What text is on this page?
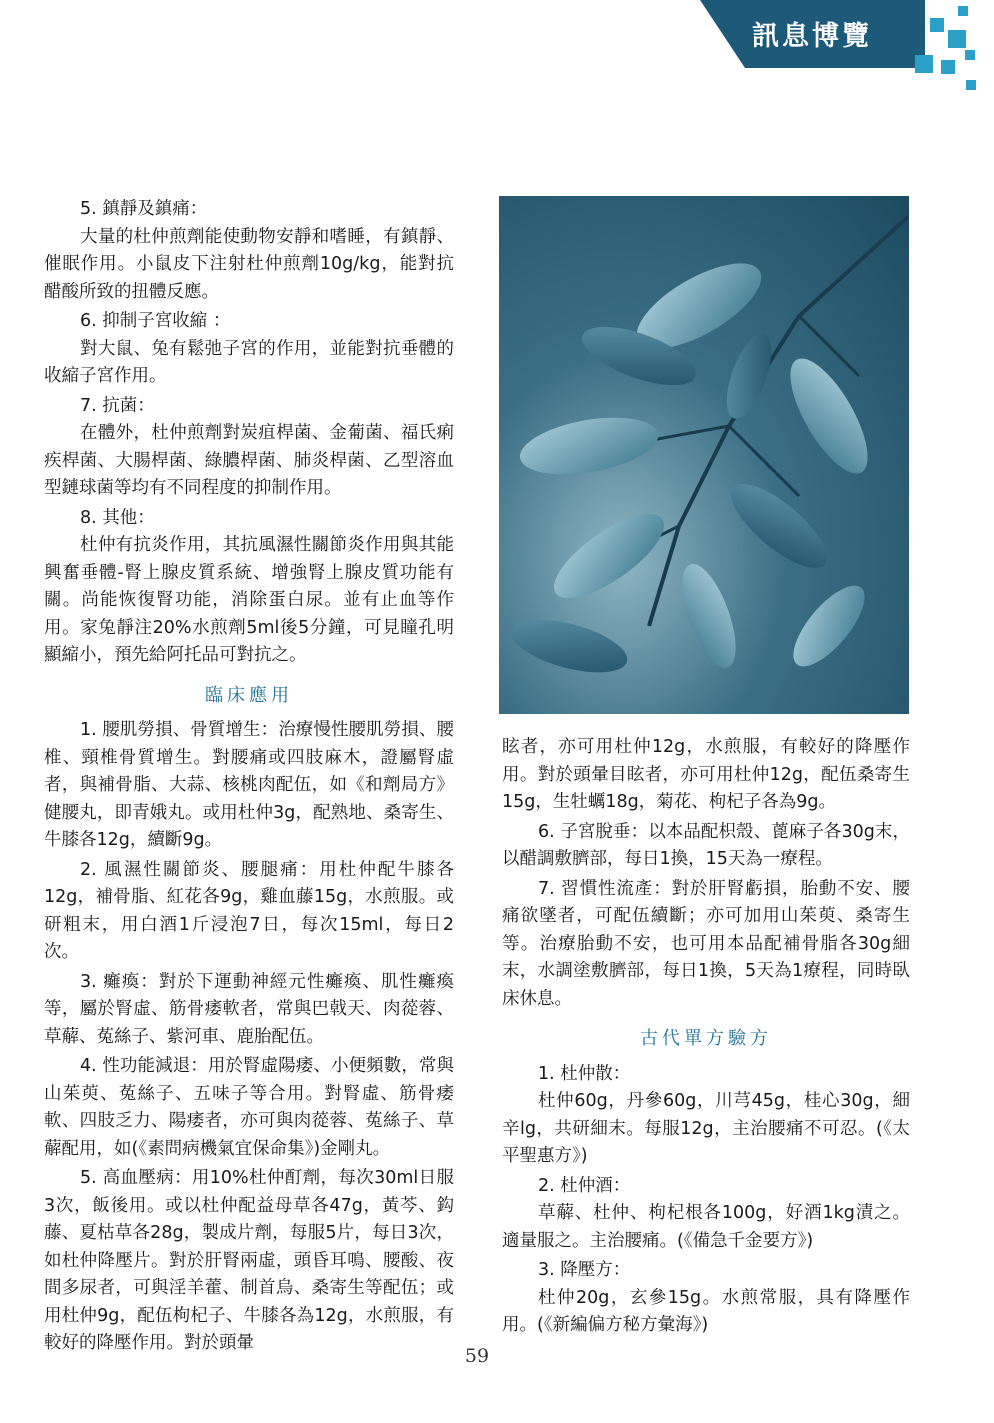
訊息博覽

5. 鎮靜及鎮痛：

大量的杜仲煎劑能使動物安靜和嗜睡，有鎮靜、催眠作用。小鼠皮下注射杜仲煎劑10g/kg，能對抗醋酸所致的扭體反應。

6. 抑制子宮收縮 ：

對大鼠、兔有鬆弛子宮的作用，並能對抗垂體的收縮子宮作用。

7. 抗菌：

在體外，杜仲煎劑對炭疽桿菌、金葡菌、福氏痢疾桿菌、大腸桿菌、綠膿桿菌、肺炎桿菌、乙型溶血型鏈球菌等均有不同程度的抑制作用。

8. 其他：

杜仲有抗炎作用，其抗風濕性關節炎作用與其能興奮垂體-腎上腺皮質系統、增強腎上腺皮質功能有關。尚能恢復腎功能，消除蛋白尿。並有止血等作用。家兔靜注20%水煎劑5ml後5分鐘，可見瞳孔明顯縮小，預先給阿托品可對抗之。

臨床應用

1. 腰肌勞損、骨質增生：治療慢性腰肌勞損、腰椎、頸椎骨質增生。對腰痛或四肢麻木，證屬腎虛者，與補骨脂、大蒜、核桃肉配伍，如《和劑局方》健腰丸，即青娥丸。或用杜仲3g，配熟地、桑寄生、牛膝各12g，續斷9g。

2. 風濕性關節炎、腰腿痛：用杜仲配牛膝各12g，補骨脂、紅花各9g，雞血藤15g，水煎服。或研粗末，用白酒1斤浸泡7日，每次15ml，每日2次。

3. 癱瘓：對於下運動神經元性癱瘓、肌性癱瘓等，屬於腎虛、筋骨痿軟者，常與巴戟天、肉蓯蓉、草薢、菟絲子、紫河車、鹿胎配伍。

4. 性功能減退：用於腎虛陽痿、小便頻數，常與山茱萸、菟絲子、五味子等合用。對腎虛、筋骨痿軟、四肢乏力、陽痿者，亦可與肉蓯蓉、菟絲子、草薢配用，如(《素問病機氣宜保命集》)金剛丸。

5. 高血壓病：用10%杜仲酊劑，每次30ml日服3次，飯後用。或以杜仲配益母草各47g，黃芩、鈎藤、夏枯草各28g，製成片劑，每服5片，每日3次，如杜仲降壓片。對於肝腎兩虛，頭昏耳鳴、腰酸、夜間多尿者，可與淫羊藿、制首烏、桑寄生等配伍；或用杜仲9g，配伍枸杞子、牛膝各為12g，水煎服，有較好的降壓作用。對於頭暈

眩者，亦可用杜仲12g，水煎服，有較好的降壓作用。對於頭暈目眩者，亦可用杜仲12g，配伍桑寄生15g，生牡蠣18g，菊花、枸杞子各為9g。

6. 子宮脫垂：以本品配枳殼、蓖麻子各30g末，以醋調敷臍部，每日1換，15天為一療程。

7. 習慣性流產：對於肝腎虧損，胎動不安、腰痛欲墜者，可配伍續斷；亦可加用山茱萸、桑寄生等。治療胎動不安，也可用本品配補骨脂各30g細末，水調塗敷臍部，每日1換，5天為1療程，同時臥床休息。

古代單方驗方

1. 杜仲散：

杜仲60g，丹參60g，川芎45g，桂心30g，細辛lg，共研細末。每服12g，主治腰痛不可忍。(《太平聖惠方》)

2. 杜仲酒：

草薢、杜仲、枸杞根各100g，好酒1kg漬之。適量服之。主治腰痛。(《備急千金要方》)

3. 降壓方：

杜仲20g，玄參15g。水煎常服，具有降壓作用。(《新編偏方秘方彙海》)

59
